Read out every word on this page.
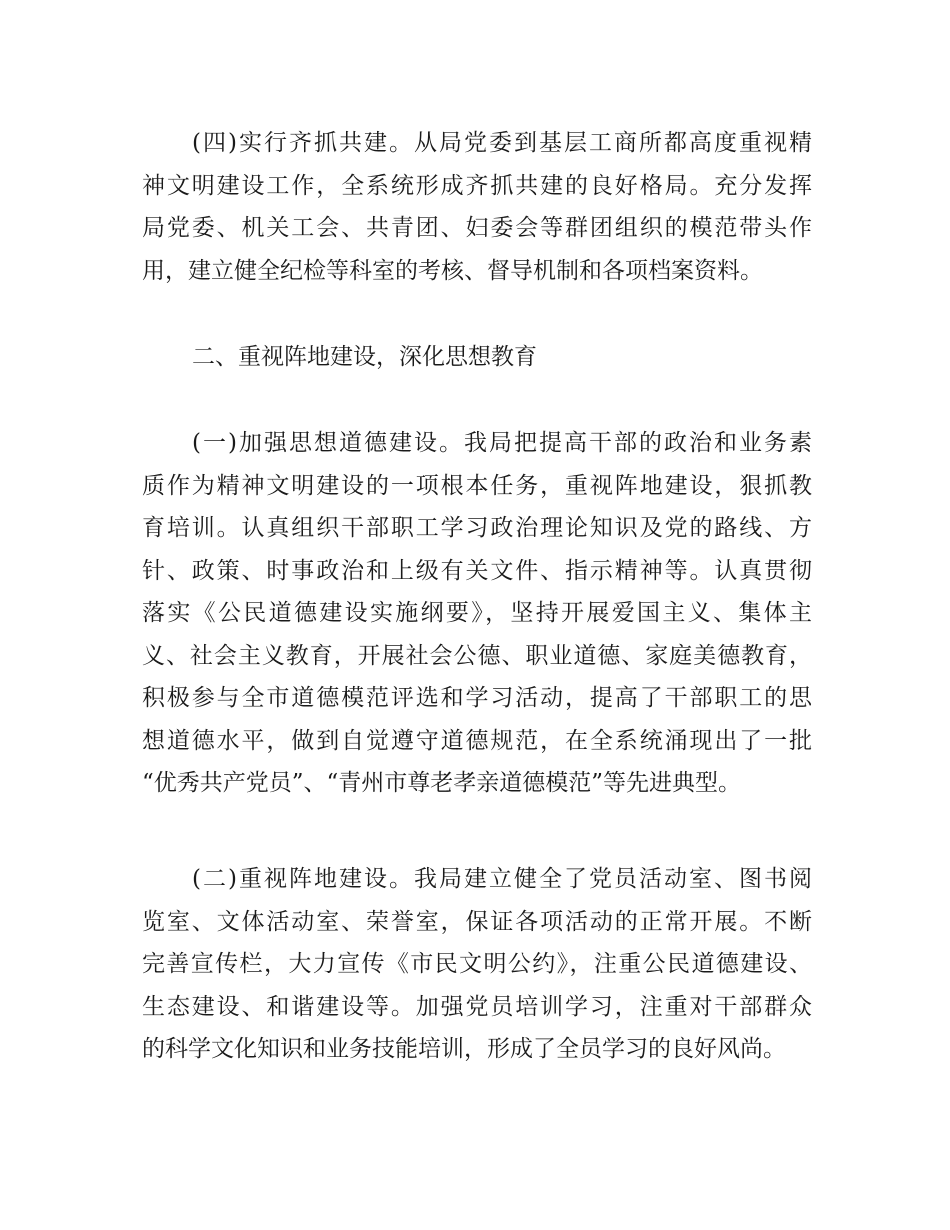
(四)实行齐抓共建。从局党委到基层工商所都高度重视精
神文明建设工作，全系统形成齐抓共建的良好格局。充分发挥
局党委、机关工会、共青团、妇委会等群团组织的模范带头作
用，建立健全纪检等科室的考核、督导机制和各项档案资料。
二、重视阵地建设，深化思想教育
(一)加强思想道德建设。我局把提高干部的政治和业务素
质作为精神文明建设的一项根本任务，重视阵地建设，狠抓教
育培训。认真组织干部职工学习政治理论知识及党的路线、方
针、政策、时事政治和上级有关文件、指示精神等。认真贯彻
落实《公民道德建设实施纲要》，坚持开展爱国主义、集体主
义、社会主义教育，开展社会公德、职业道德、家庭美德教育，
积极参与全市道德模范评选和学习活动，提高了干部职工的思
想道德水平，做到自觉遵守道德规范，在全系统涌现出了一批
“优秀共产党员”、“青州市尊老孝亲道德模范”等先进典型。
(二)重视阵地建设。我局建立健全了党员活动室、图书阅
览室、文体活动室、荣誉室，保证各项活动的正常开展。不断
完善宣传栏，大力宣传《市民文明公约》，注重公民道德建设、
生态建设、和谐建设等。加强党员培训学习，注重对干部群众
的科学文化知识和业务技能培训，形成了全员学习的良好风尚。
